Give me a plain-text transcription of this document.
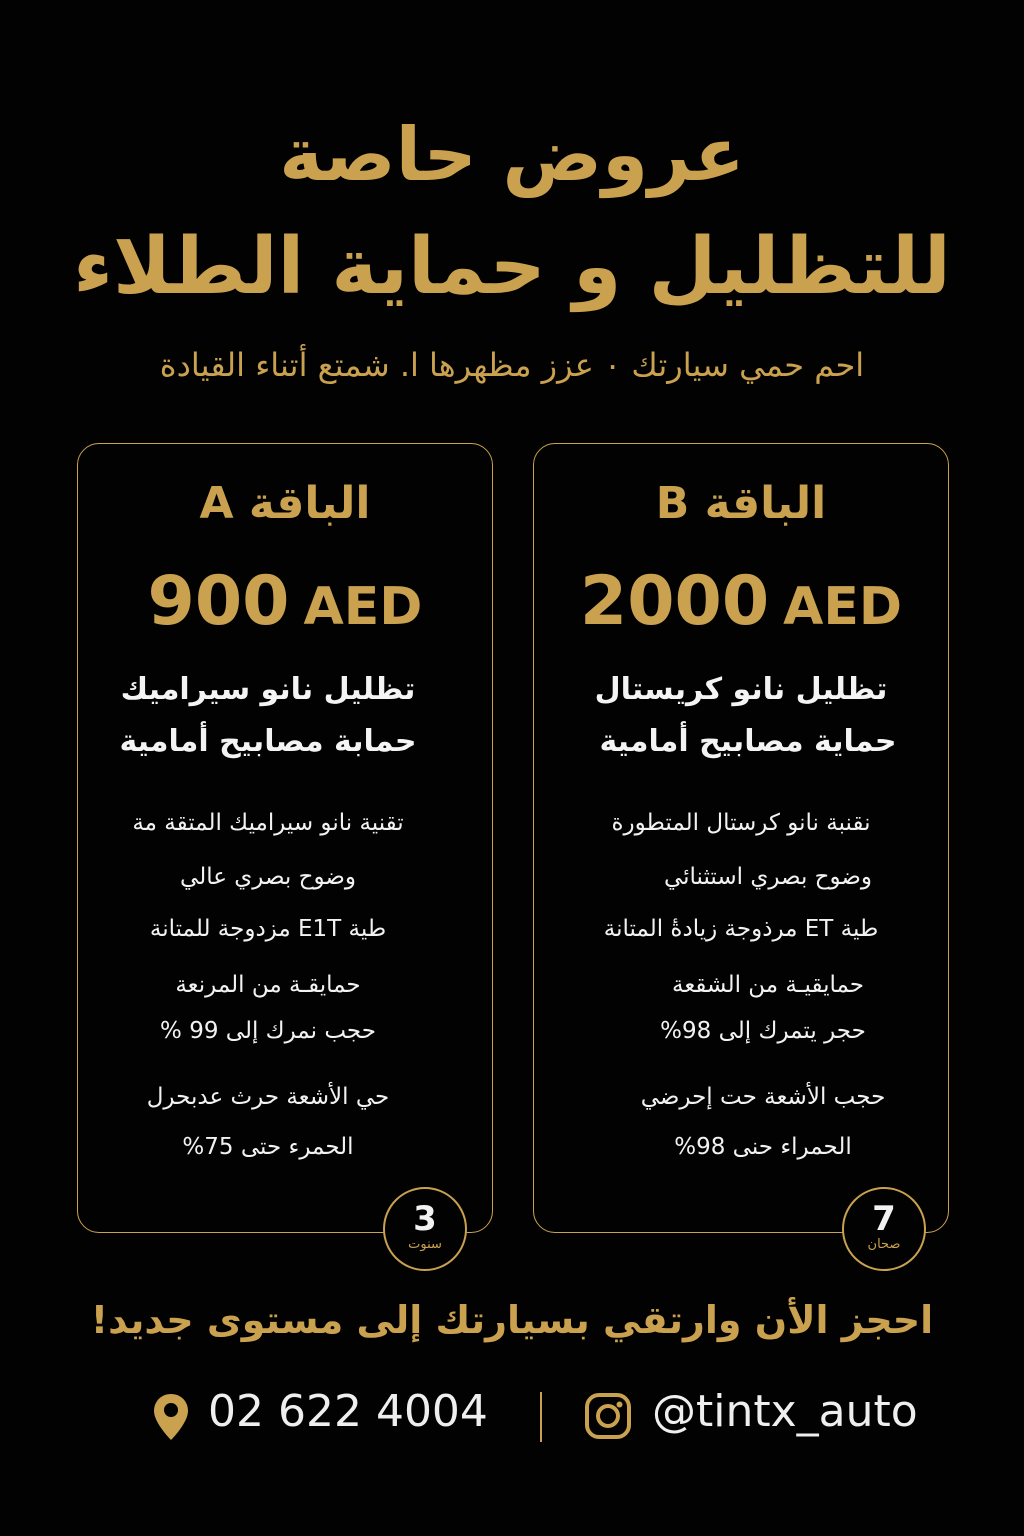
عروض حاصة
للتظليل و حماية الطلاء
احم حمي سيارتك ٠ عزز مظهرها ا. شمتع أتناء القيادة
الباقة A
900 AED
تظليل نانو سيراميك
حمابة مصابيح أمامية
تقنية نانو سيراميك المتقة مة
وضوح بصري عالي
طية E1T مزدوجة للمتانة
حمايقـة من المرنعة
حجب نمرك إلى 99 %
حي الأشعة حرث عدبحرل
الحمرء حتى 75%
3
سنوت
الباقة B
2000 AED
تظليل نانو كريستال
حماية مصابيح أمامية
نقنبة نانو كرستال المتطورة
وضوح بصري استثنائي
طية ET مرذوجة زيادةٔ المتانة
حمايقيـة من الشقعة
حجر يتمرك إلى 98%
حجب الأشعة حت إحرضي
الحمراء حنى 98%
7
صحان
احجز الأن وارتقي بسيارتك إلى مستوى جديد!
02 622 4004	@tintx_auto
